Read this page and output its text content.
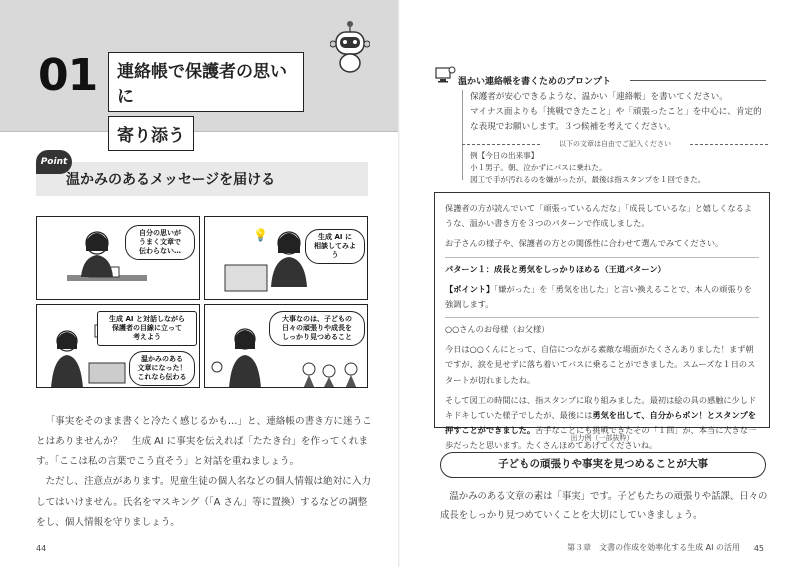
01	連絡帳で保護者の思いに
寄り添う
温かみのあるメッセージを届ける
Point
自分の思いが
うまく文章で
伝わらない…
💡	生成 AI に
相談してみよう
生成 AI と対話しながら
保護者の目線に立って
考えよう
温かみのある
文章になった！
これなら伝わる
大事なのは、子どもの
日々の頑張りや成長を
しっかり見つめること

「事実をそのまま書くと冷たく感じるかも…」と、連絡帳の書き方に迷うことはありませんか？　生成 AI に事実を伝えれば「たたき台」を作ってくれます。「ここは私の言葉でこう直そう」と対話を重ねましょう。

ただし、注意点があります。児童生徒の個人名などの個人情報は絶対に入力してはいけません。氏名をマスキング（「A さん」等に置換）するなどの調整をし、個人情報を守りましょう。

44
温かい連絡帳を書くためのプロンプト
保護者が安心できるような、温かい「連絡帳」を書いてください。
マイナス面よりも「挑戦できたこと」や「頑張ったこと」を中心に、肯定的な表現でお願いします。３つ候補を考えてください。
以下の文章は自由でご記入ください
例【今日の出来事】
小１男子。朝、泣かずにバスに乗れた。
図工で手が汚れるのを嫌がったが、最後は指スタンプを１回できた。

保護者の方が読んでいて「頑張っているんだな」「成長しているな」と嬉しくなるような、温かい書き方を３つのパターンで作成しました。

お子さんの様子や、保護者の方との関係性に合わせて選んでみてください。

パターン１：成長と勇気をしっかりほめる（王道パターン）

【ポイント】「嫌がった」を「勇気を出した」と言い換えることで、本人の頑張りを強調します。

○○さんのお母様（お父様）

今日は○○くんにとって、自信につながる素敵な場面がたくさんありました！まず朝ですが、涙を見せずに落ち着いてバスに乗ることができました。スムーズな１日のスタートが切れましたね。

そして図工の時間には、指スタンプに取り組みました。最初は絵の具の感触に少しドキドキしていた様子でしたが、最後には勇気を出して、自分からポン！とスタンプを押すことができました。苦手なことにも挑戦できたその「１回」が、本当に大きな一歩だったと思います。たくさんほめてあげてくださいね。

出力例（一部抜粋）
子どもの頑張りや事実を見つめることが大事
温かみのある文章の素は「事実」です。子どもたちの頑張りや話課、日々の成長をしっかり見つめていくことを大切にしていきましょう。
第３章　文書の作成を効率化する生成 AI の活用 45
